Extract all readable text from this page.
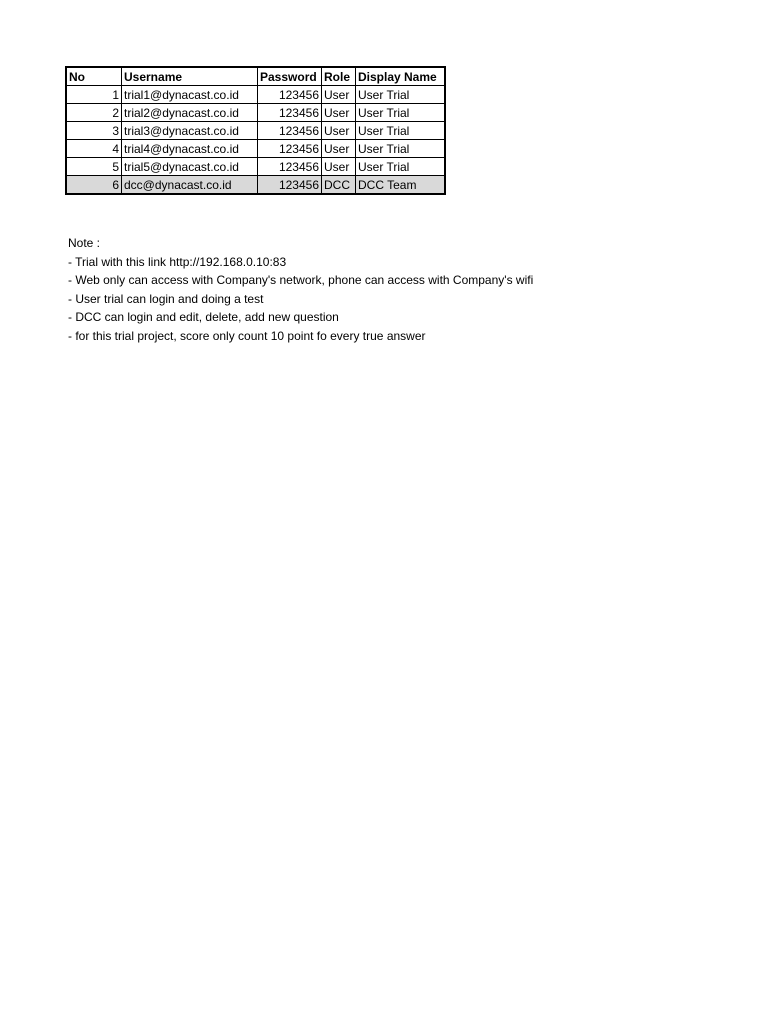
No	Username	Password	Role	Display Name
1	trial1@dynacast.co.id	123456	User	User Trial
2	trial2@dynacast.co.id	123456	User	User Trial
3	trial3@dynacast.co.id	123456	User	User Trial
4	trial4@dynacast.co.id	123456	User	User Trial
5	trial5@dynacast.co.id	123456	User	User Trial
6	dcc@dynacast.co.id	123456	DCC	DCC Team
Note :
- Trial with this link http://192.168.0.10:83
- Web only can access with Company's network, phone can access with Company's wifi
- User trial can login and doing a test
- DCC can login and edit, delete, add new question
- for this trial project, score only count 10 point fo every true answer
